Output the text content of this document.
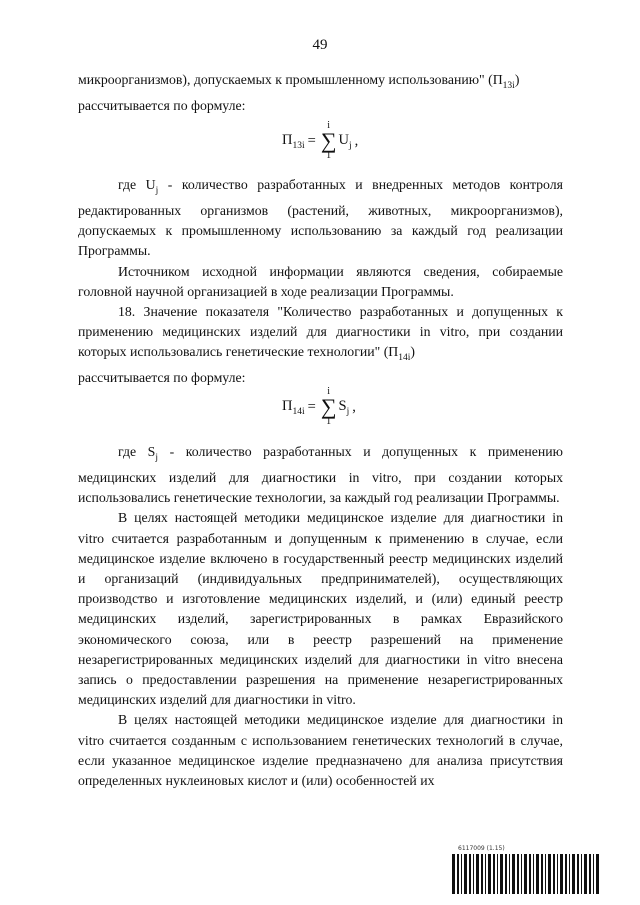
49

микроорганизмов), допускаемых к промышленному использованию" $(П_{13i})$

рассчитывается по формуле:

$П_{13i}$ =
i
∑
1
$U_j$ ,

где $U_j$ - количество разработанных и внедренных методов контроля редактированных организмов (растений, животных, микроорганизмов), допускаемых к промышленному использованию за каждый год реализации Программы.

Источником исходной информации являются сведения, собираемые головной научной организацией в ходе реализации Программы.

18. Значение показателя "Количество разработанных и допущенных к применению медицинских изделий для диагностики in vitro, при создании которых использовались генетические технологии" $(П_{14i})$

рассчитывается по формуле:

$П_{14i}$ =
i
∑
1
$S_j$ ,

где $S_j$ - количество разработанных и допущенных к применению медицинских изделий для диагностики in vitro, при создании которых использовались генетические технологии, за каждый год реализации Программы.

В целях настоящей методики медицинское изделие для диагностики in vitro считается разработанным и допущенным к применению в случае, если медицинское изделие включено в государственный реестр медицинских изделий и организаций (индивидуальных предпринимателей), осуществляющих производство и изготовление медицинских изделий, и (или) единый реестр медицинских изделий, зарегистрированных в рамках Евразийского экономического союза, или в реестр разрешений на применение незарегистрированных медицинских изделий для диагностики in vitro внесена запись о предоставлении разрешения на применение незарегистрированных медицинских изделий для диагностики in vitro.

В целях настоящей методики медицинское изделие для диагностики in vitro считается созданным с использованием генетических технологий в случае, если указанное медицинское изделие предназначено для анализа присутствия определенных нуклеиновых кислот и (или) особенностей их

6117009 (1.15)
